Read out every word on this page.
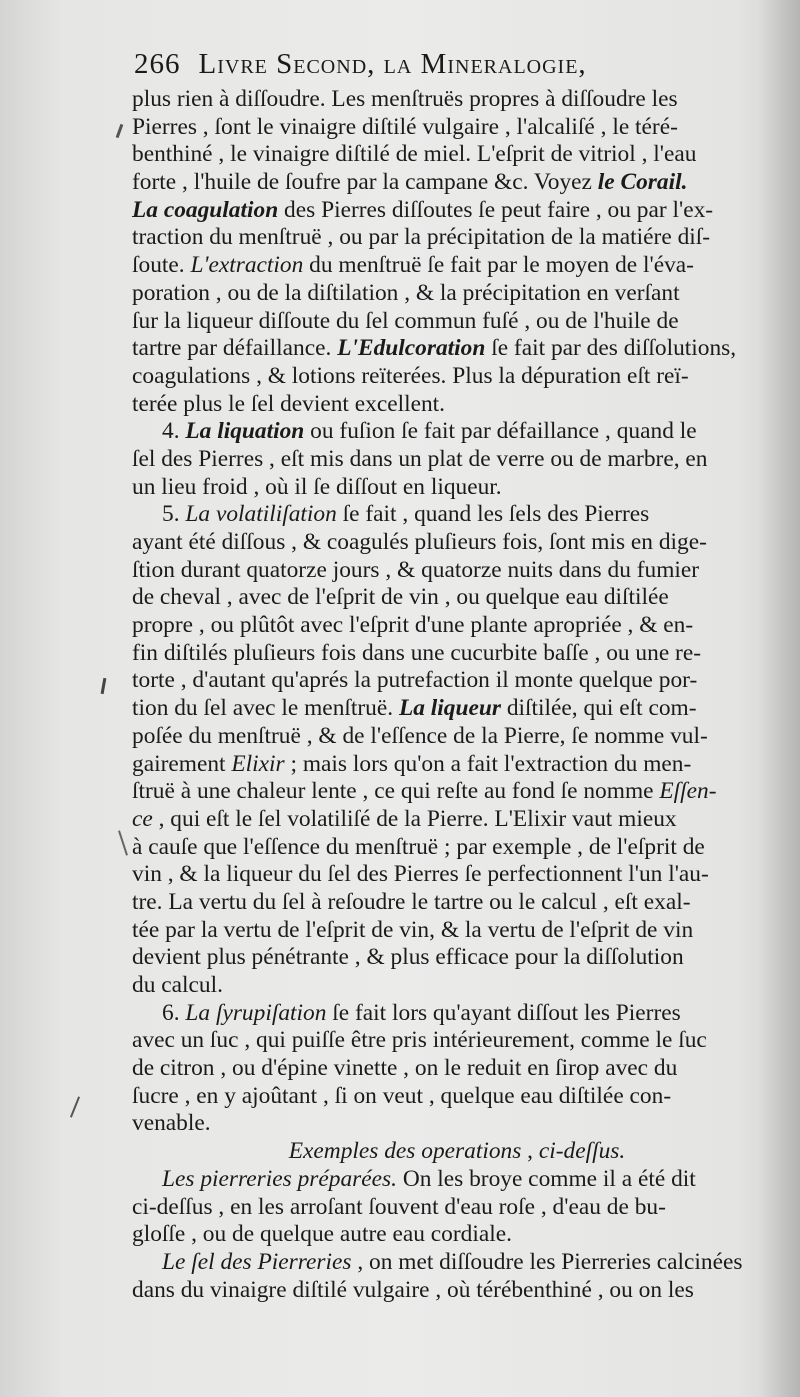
266 Livre Second, la Mineralogie,
plus rien à diſſoudre. Les menſtruës propres à diſſoudre les
Pierres , ſont le vinaigre diſtilé vulgaire , l'alcaliſé , le téré-
benthiné , le vinaigre diſtilé de miel. L'eſprit de vitriol , l'eau
forte , l'huile de ſoufre par la campane &c. Voyez le Corail.
La coagulation des Pierres diſſoutes ſe peut faire , ou par l'ex-
traction du menſtruë , ou par la précipitation de la matiére diſ-
ſoute. L'extraction du menſtruë ſe fait par le moyen de l'éva-
poration , ou de la diſtilation , & la précipitation en verſant
ſur la liqueur diſſoute du ſel commun fuſé , ou de l'huile de
tartre par défaillance. L'Edulcoration ſe fait par des diſſolutions,
coagulations , & lotions reïterées. Plus la dépuration eſt reï-
terée plus le ſel devient excellent.
4. La liquation ou fuſion ſe fait par défaillance , quand le
ſel des Pierres , eſt mis dans un plat de verre ou de marbre, en
un lieu froid , où il ſe diſſout en liqueur.
5. La volatiliſation ſe fait , quand les ſels des Pierres
ayant été diſſous , & coagulés pluſieurs fois, ſont mis en dige-
ſtion durant quatorze jours , & quatorze nuits dans du fumier
de cheval , avec de l'eſprit de vin , ou quelque eau diſtilée
propre , ou plûtôt avec l'eſprit d'une plante apropriée , & en-
fin diſtilés pluſieurs fois dans une cucurbite baſſe , ou une re-
torte , d'autant qu'aprés la putrefaction il monte quelque por-
tion du ſel avec le menſtruë. La liqueur diſtilée, qui eſt com-
poſée du menſtruë , & de l'eſſence de la Pierre, ſe nomme vul-
gairement Elixir ; mais lors qu'on a fait l'extraction du men-
ſtruë à une chaleur lente , ce qui reſte au fond ſe nomme Eſſen-
ce , qui eſt le ſel volatiliſé de la Pierre. L'Elixir vaut mieux
à cauſe que l'eſſence du menſtruë ; par exemple , de l'eſprit de
vin , & la liqueur du ſel des Pierres ſe perfectionnent l'un l'au-
tre. La vertu du ſel à reſoudre le tartre ou le calcul , eſt exal-
tée par la vertu de l'eſprit de vin, & la vertu de l'eſprit de vin
devient plus pénétrante , & plus efficace pour la diſſolution
du calcul.
6. La ſyrupiſation ſe fait lors qu'ayant diſſout les Pierres
avec un ſuc , qui puiſſe être pris intérieurement, comme le ſuc
de citron , ou d'épine vinette , on le reduit en ſirop avec du
ſucre , en y ajoûtant , ſi on veut , quelque eau diſtilée con-
venable.
Exemples des operations , ci-deſſus.
Les pierreries préparées. On les broye comme il a été dit
ci-deſſus , en les arroſant ſouvent d'eau roſe , d'eau de bu-
gloſſe , ou de quelque autre eau cordiale.
Le ſel des Pierreries , on met diſſoudre les Pierreries calcinées
dans du vinaigre diſtilé vulgaire , où térébenthiné , ou on les
